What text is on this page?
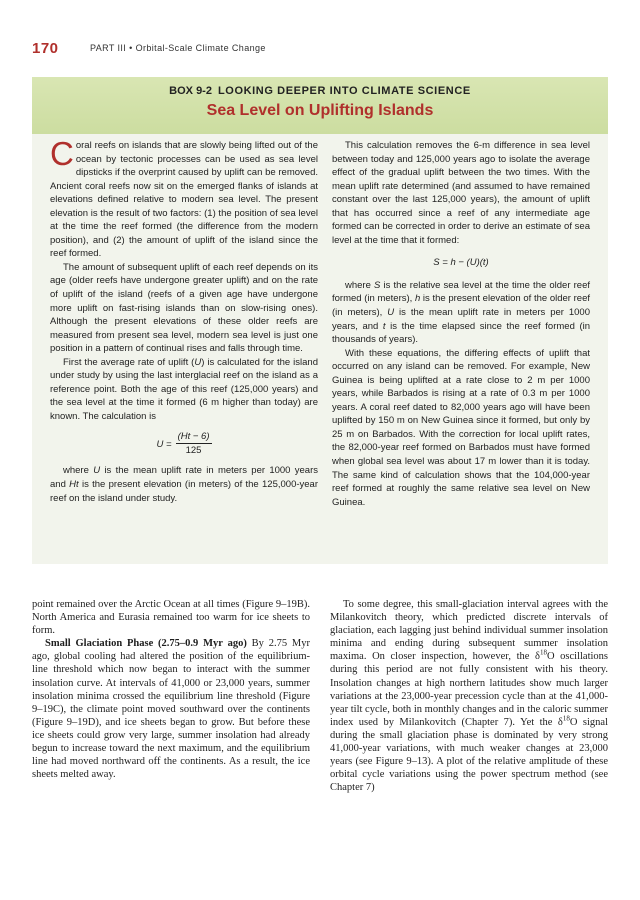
170	PART III • Orbital-Scale Climate Change
BOX 9-2 LOOKING DEEPER INTO CLIMATE SCIENCE
Sea Level on Uplifting Islands

Coral reefs on islands that are slowly being lifted out of the ocean by tectonic processes can be used as sea level dipsticks if the overprint caused by uplift can be removed. Ancient coral reefs now sit on the emerged flanks of islands at elevations defined relative to modern sea level. The present elevation is the result of two factors: (1) the position of sea level at the time the reef formed (the difference from the modern position), and (2) the amount of uplift of the island since the reef formed.

The amount of subsequent uplift of each reef depends on its age (older reefs have undergone greater uplift) and on the rate of uplift of the island (reefs of a given age have undergone more uplift on fast-rising islands than on slow-rising ones). Although the present elevations of these older reefs are measured from present sea level, modern sea level is just one position in a pattern of continual rises and falls through time.

First the average rate of uplift (U) is calculated for the island under study by using the last interglacial reef on the island as a reference point. Both the age of this reef (125,000 years) and the sea level at the time it formed (6 m higher than today) are known. The calculation is

$U = \frac{(Ht - 6)}{125}$

where U is the mean uplift rate in meters per 1000 years and Ht is the present elevation (in meters) of the 125,000-year reef on the island under study.

This calculation removes the 6-m difference in sea level between today and 125,000 years ago to isolate the average effect of the gradual uplift between the two times. With the mean uplift rate determined (and assumed to have remained constant over the last 125,000 years), the amount of uplift that has occurred since a reef of any intermediate age formed can be corrected in order to derive an estimate of sea level at the time that it formed:

S = h − (U)(t)

where S is the relative sea level at the time the older reef formed (in meters), h is the present elevation of the older reef (in meters), U is the mean uplift rate in meters per 1000 years, and t is the time elapsed since the reef formed (in thousands of years).

With these equations, the differing effects of uplift that occurred on any island can be removed. For example, New Guinea is being uplifted at a rate close to 2 m per 1000 years, while Barbados is rising at a rate of 0.3 m per 1000 years. A coral reef dated to 82,000 years ago will have been uplifted by 150 m on New Guinea since it formed, but only by 25 m on Barbados. With the correction for local uplift rates, the 82,000-year reef formed on Barbados must have formed when global sea level was about 17 m lower than it is today. The same kind of calculation shows that the 104,000-year reef formed at roughly the same relative sea level on New Guinea.

point remained over the Arctic Ocean at all times (Figure 9–19B). North America and Eurasia remained too warm for ice sheets to form.

Small Glaciation Phase (2.75–0.9 Myr ago) By 2.75 Myr ago, global cooling had altered the position of the equilibrium-line threshold which now began to interact with the summer insolation curve. At intervals of 41,000 or 23,000 years, summer insolation minima crossed the equilibrium line threshold (Figure 9–19C), the climate point moved southward over the continents (Figure 9–19D), and ice sheets began to grow. But before these ice sheets could grow very large, summer insolation had already begun to increase toward the next maximum, and the equilibrium line had moved northward off the continents. As a result, the ice sheets melted away.

To some degree, this small-glaciation interval agrees with the Milankovitch theory, which predicted discrete intervals of glaciation, each lagging just behind individual summer insolation minima and ending during subsequent summer insolation maxima. On closer inspection, however, the $\delta^{18}O$ oscillations during this period are not fully consistent with his theory. Insolation changes at high northern latitudes show much larger variations at the 23,000-year precession cycle than at the 41,000-year tilt cycle, both in monthly changes and in the caloric summer index used by Milankovitch (Chapter 7). Yet the $\delta^{18}O$ signal during the small glaciation phase is dominated by very strong 41,000-year variations, with much weaker changes at 23,000 years (see Figure 9–13). A plot of the relative amplitude of these orbital cycle variations using the power spectrum method (see Chapter 7)
